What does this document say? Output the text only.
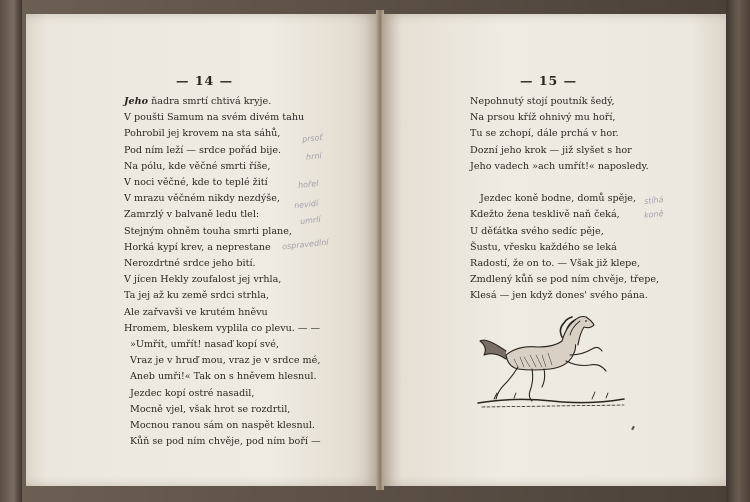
— 14 —
Jeho ňadra smrtí chtivá kryje.
V poušti Samum na svém divém tahu
Pohrobil jej krovem na sta sáhů,
Pod ním leží — srdce pořád bije.
Na pólu, kde věčné smrti říše,
V noci věčné, kde to teplé žití
V mrazu věčném nikdy nezdýše,
Zamrzlý v balvaně ledu tlel:
Stejným ohněm touha smrti plane,
Horká kypí krev, a neprestane
Nerozdrtné srdce jeho bití.
V jícen Hekly zoufalost jej vrhla,
Ta jej až ku země srdci strhla,
Ale zařvavši ve krutém hněvu
Hromem, bleskem vyplila co plevu. — —
»Umřít, umřít! nasaď kopí své,
Vraz je v hruď mou, vraz je v srdce mé,
Aneb umři!« Tak on s hněvem hlesnul.
Jezdec kopí ostré nasadil,
Mocně vjel, však hrot se rozdrtil,
Mocnou ranou sám on naspět klesnul.
Kůň se pod ním chvěje, pod ním boří —
prsoť
hrní
hořel
nevidí
umrlí
ospravedlní
— 15 —
Nepohnutý stojí poutník šedý,
Na prsou kříž ohnivý mu hoří,
Tu se zchopí, dále prchá v hor.
Dozní jeho krok — již slyšet s hor
Jeho vadech »ach umřít!« naposledy.
Jezdec koně bodne, domů spěje,
Kdežto žena tesklivě naň čeká,
U děťátka svého sedíc pěje,
Šustu, vřesku každého se leká
Radostí, že on to. — Však již klepe,
Zmdlený kůň se pod ním chvěje, třepe,
Klesá — jen když dones' svého pána.
stíhá
koně
